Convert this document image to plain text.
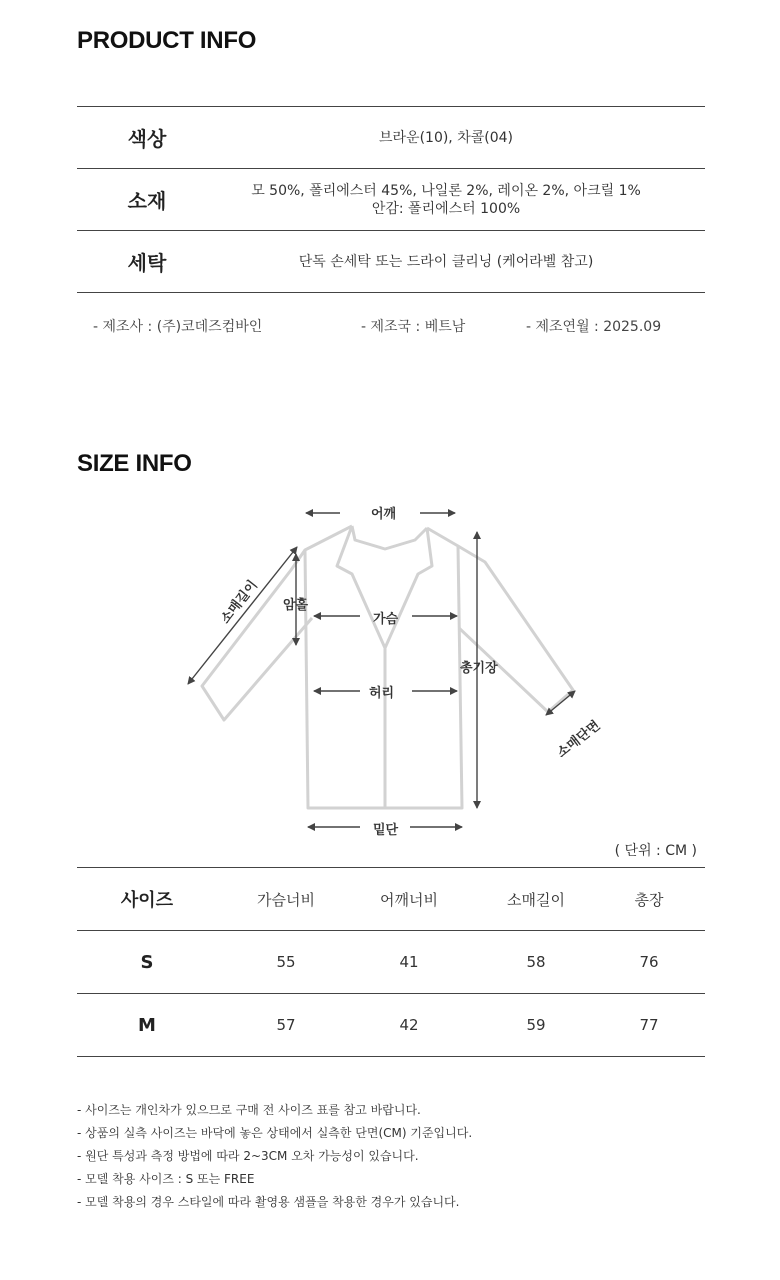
PRODUCT INFO
색상	브라운(10), 차콜(04)
소재	모 50%, 폴리에스터 45%, 나일론 2%, 레이온 2%, 아크릴 1%
안감: 폴리에스터 100%
세탁	단독 손세탁 또는 드라이 클리닝 (케어라벨 참고)
- 제조사 : (주)코데즈컴바인	- 제조국 : 베트남	- 제조연월 : 2025.09
SIZE INFO
어깨
암홀
소매길이	가슴
허리
총기장
소매단면
밑단
( 단위 : CM )
사이즈	가슴너비	어깨너비	소매길이	총장
S	55	41	58	76
M	57	42	59	77
- 사이즈는 개인차가 있으므로 구매 전 사이즈 표를 참고 바랍니다.
- 상품의 실측 사이즈는 바닥에 놓은 상태에서 실측한 단면(CM) 기준입니다.
- 원단 특성과 측정 방법에 따라 2~3CM 오차 가능성이 있습니다.
- 모델 착용 사이즈 : S 또는 FREE
- 모델 착용의 경우 스타일에 따라 촬영용 샘플을 착용한 경우가 있습니다.
